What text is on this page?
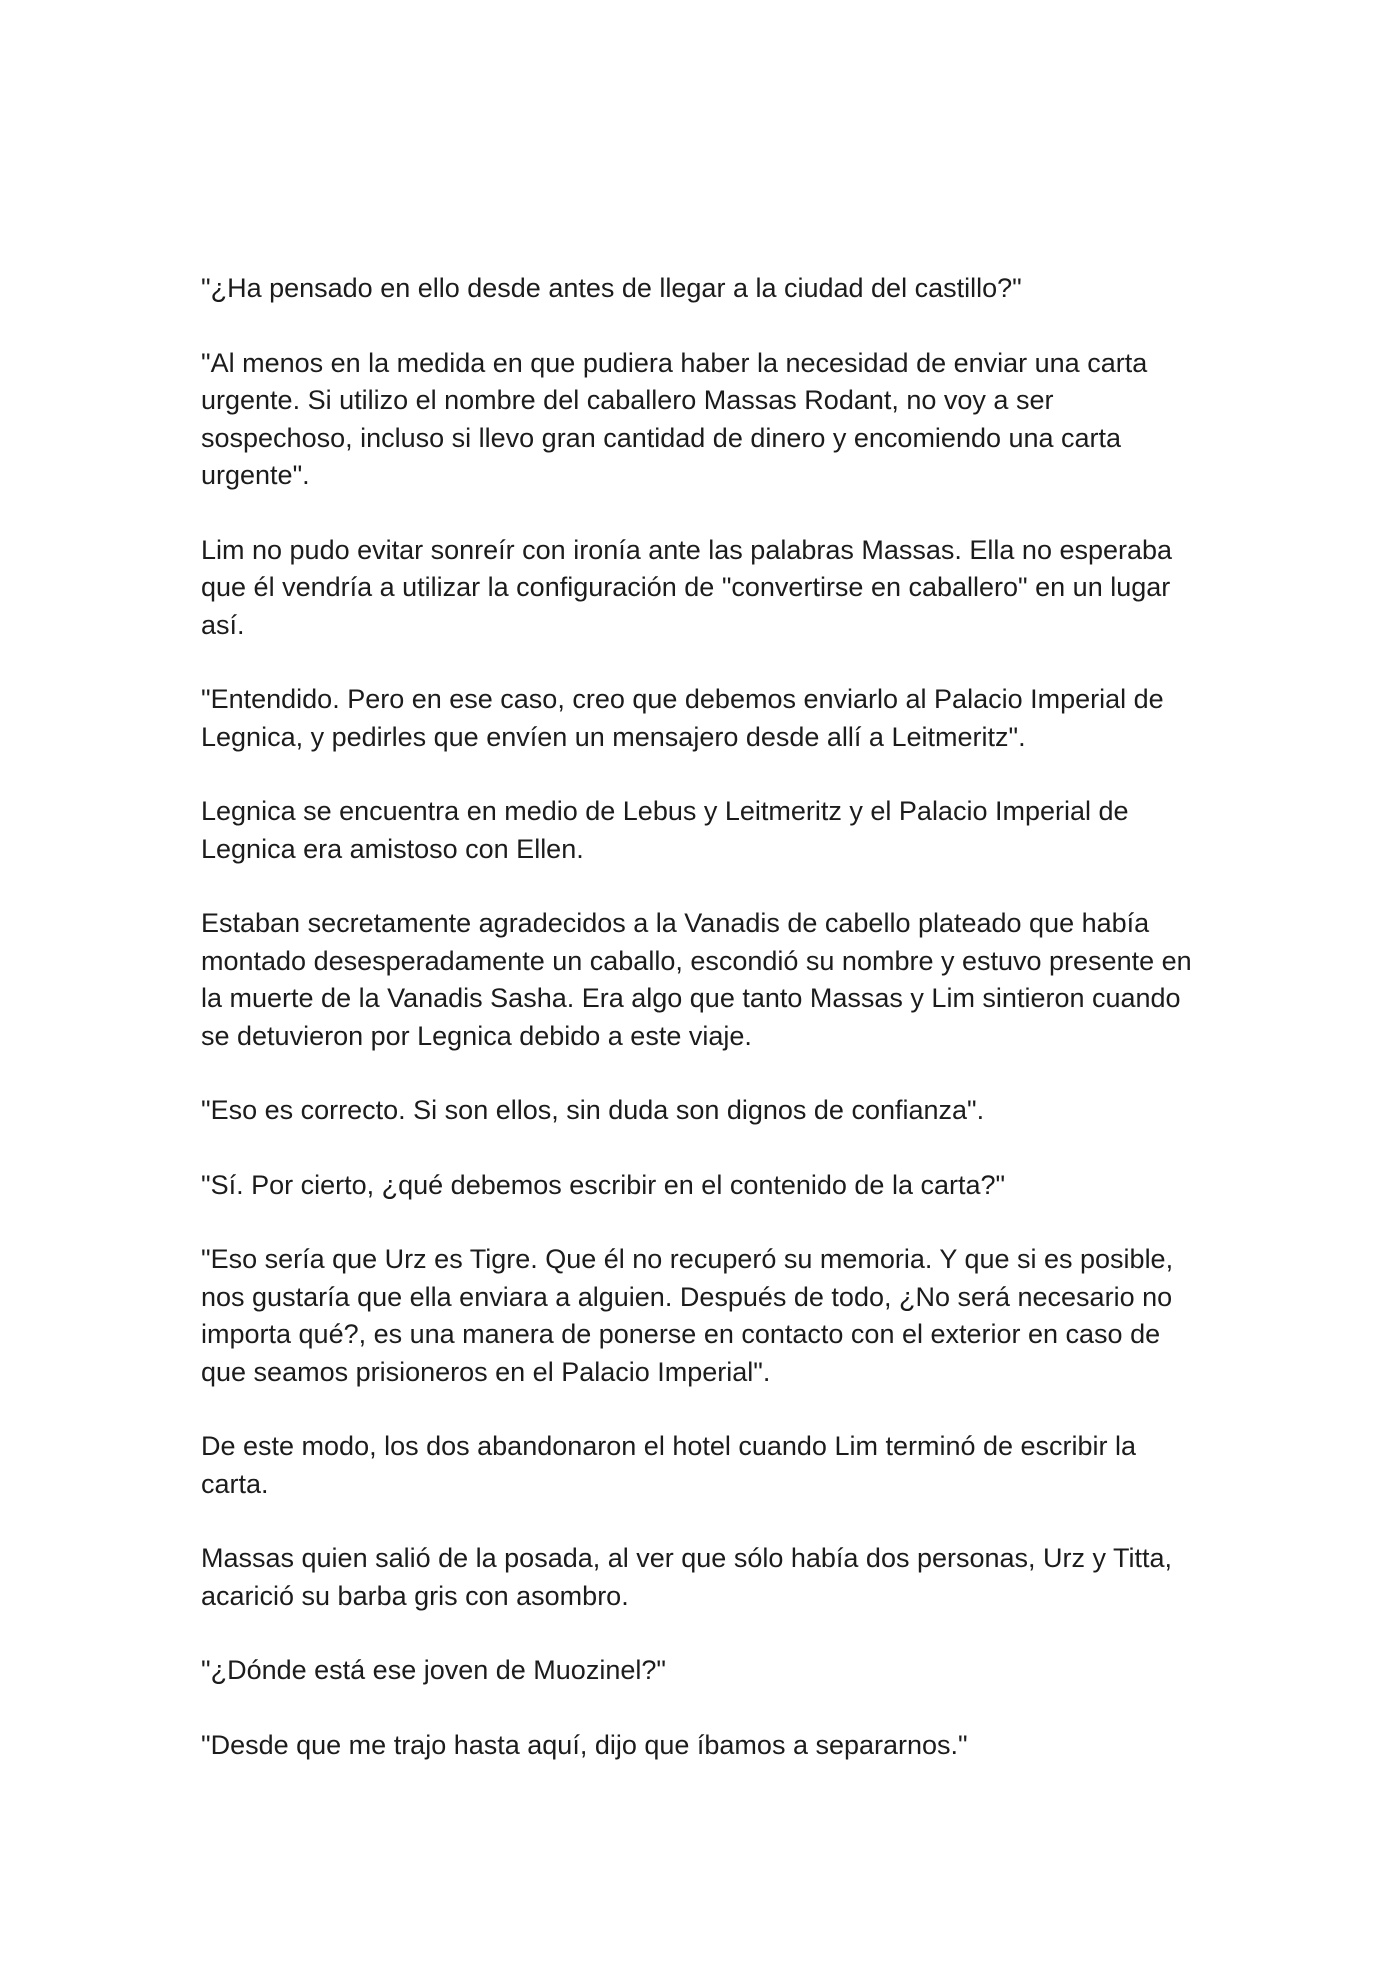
"¿Ha pensado en ello desde antes de llegar a la ciudad del castillo?"

"Al menos en la medida en que pudiera haber la necesidad de enviar una carta urgente. Si utilizo el nombre del caballero Massas Rodant, no voy a ser sospechoso, incluso si llevo gran cantidad de dinero y encomiendo una carta urgente".

Lim no pudo evitar sonreír con ironía ante las palabras Massas. Ella no esperaba que él vendría a utilizar la configuración de "convertirse en caballero" en un lugar así.

"Entendido. Pero en ese caso, creo que debemos enviarlo al Palacio Imperial de Legnica, y pedirles que envíen un mensajero desde allí a Leitmeritz".

Legnica se encuentra en medio de Lebus y Leitmeritz y el Palacio Imperial de Legnica era amistoso con Ellen.

Estaban secretamente agradecidos a la Vanadis de cabello plateado que había montado desesperadamente un caballo, escondió su nombre y estuvo presente en la muerte de la Vanadis Sasha. Era algo que tanto Massas y Lim sintieron cuando se detuvieron por Legnica debido a este viaje.

"Eso es correcto. Si son ellos, sin duda son dignos de confianza".

"Sí. Por cierto, ¿qué debemos escribir en el contenido de la carta?"

"Eso sería que Urz es Tigre. Que él no recuperó su memoria. Y que si es posible, nos gustaría que ella enviara a alguien. Después de todo, ¿No será necesario no importa qué?, es una manera de ponerse en contacto con el exterior en caso de que seamos prisioneros en el Palacio Imperial".

De este modo, los dos abandonaron el hotel cuando Lim terminó de escribir la carta.

Massas quien salió de la posada, al ver que sólo había dos personas, Urz y Titta, acarició su barba gris con asombro.

"¿Dónde está ese joven de Muozinel?"

"Desde que me trajo hasta aquí, dijo que íbamos a separarnos."
